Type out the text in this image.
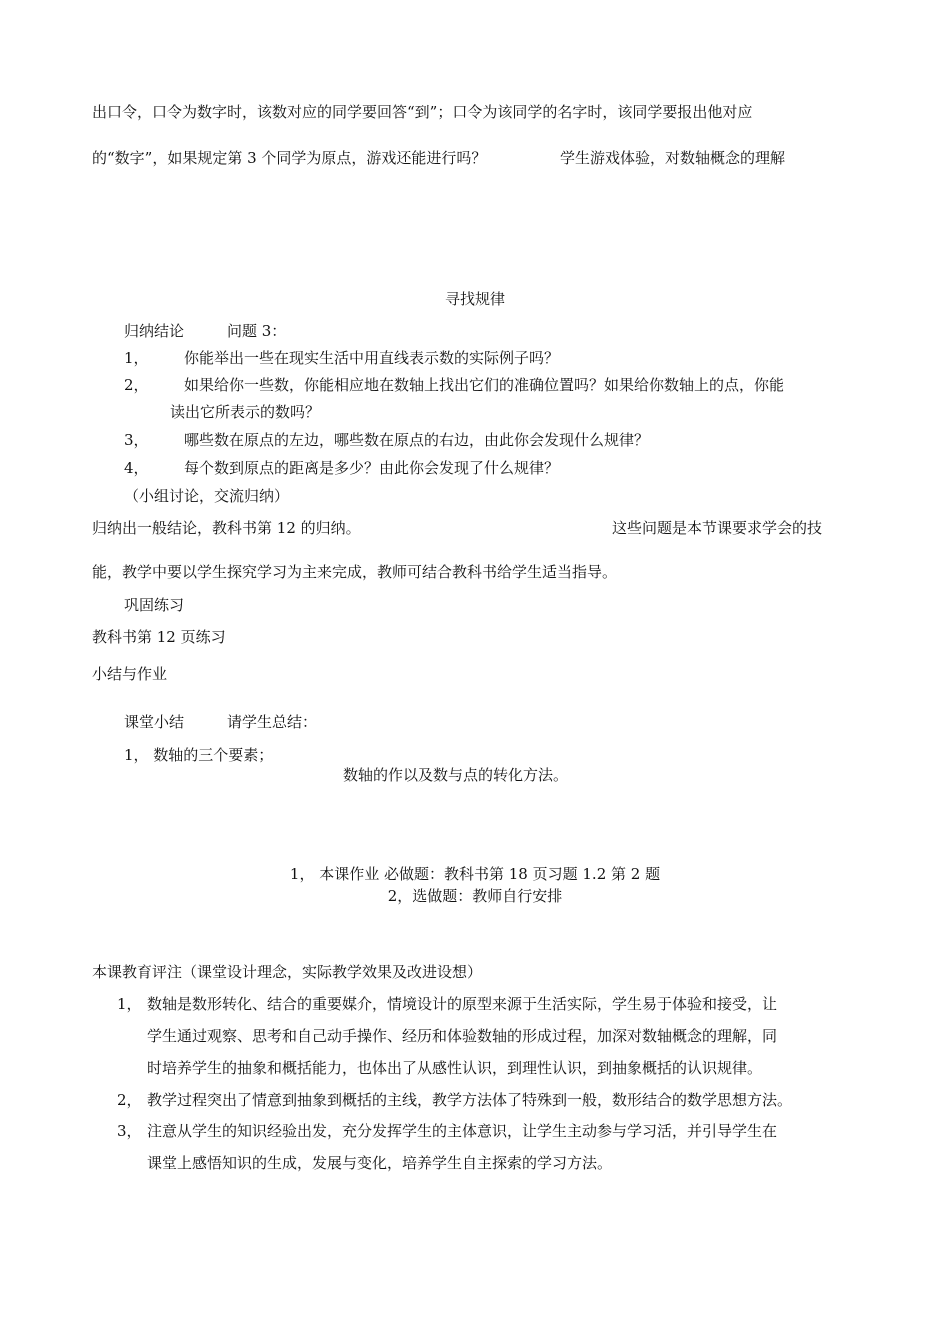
出口令，口令为数字时，该数对应的同学要回答“到”；口令为该同学的名字时，该同学要报出他对应
的“数字”，如果规定第 3 个同学为原点，游戏还能进行吗？	学生游戏体验，对数轴概念的理解
寻找规律
归纳结论	问题 3：
1， 你能举出一些在现实生活中用直线表示数的实际例子吗？
2， 如果给你一些数，你能相应地在数轴上找出它们的准确位置吗？如果给你数轴上的点，你能
读出它所表示的数吗？
3， 哪些数在原点的左边，哪些数在原点的右边，由此你会发现什么规律？
4， 每个数到原点的距离是多少？由此你会发现了什么规律？
（小组讨论，交流归纳）
归纳出一般结论，教科书第 12 的归纳。	这些问题是本节课要求学会的技
能，教学中要以学生探究学习为主来完成，教师可结合教科书给学生适当指导。
巩固练习
教科书第 12 页练习
小结与作业
课堂小结	请学生总结：
1， 数轴的三个要素；
数轴的作以及数与点的转化方法。
1， 本课作业 必做题：教科书第 18 页习题 1.2 第 2 题
2，选做题：教师自行安排
本课教育评注（课堂设计理念，实际教学效果及改进设想）
1， 数轴是数形转化、结合的重要媒介，情境设计的原型来源于生活实际，学生易于体验和接受，让
学生通过观察、思考和自己动手操作、经历和体验数轴的形成过程，加深对数轴概念的理解，同
时培养学生的抽象和概括能力，也体出了从感性认识，到理性认识，到抽象概括的认识规律。
2， 教学过程突出了情意到抽象到概括的主线，教学方法体了特殊到一般，数形结合的数学思想方法。
3， 注意从学生的知识经验出发，充分发挥学生的主体意识，让学生主动参与学习活，并引导学生在
课堂上感悟知识的生成，发展与变化，培养学生自主探索的学习方法。
